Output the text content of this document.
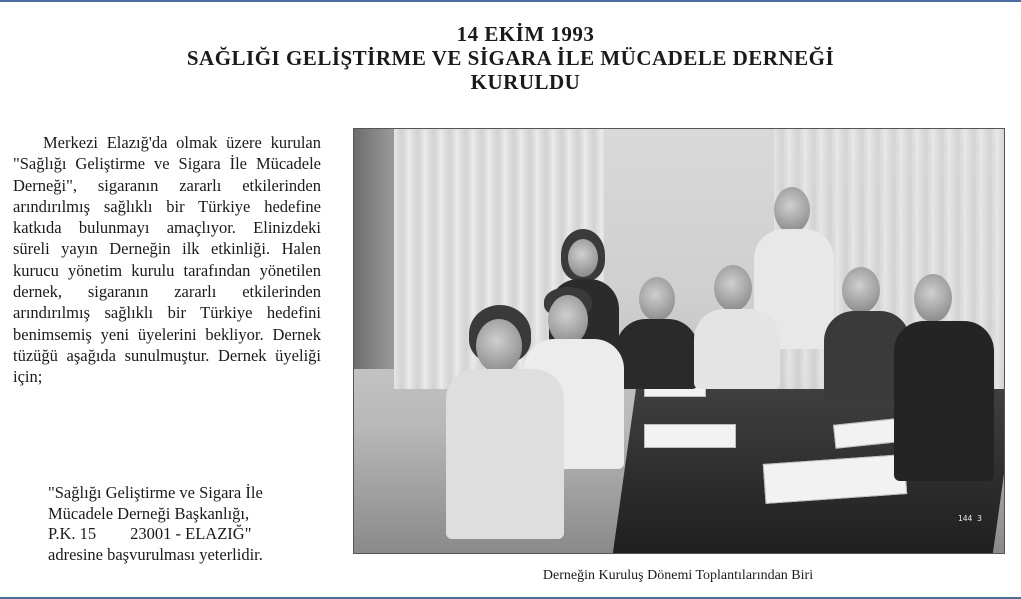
14 EKİM 1993
SAĞLIĞI GELİŞTİRME VE SİGARA İLE MÜCADELE DERNEĞİ
KURULDU
Merkezi Elazığ'da olmak üzere kurulan "Sağlığı Geliştirme ve Sigara İle Mücadele Derneği", sigaranın zararlı etkilerinden arındırılmış sağlıklı bir Türkiye hedefine katkıda bulunmayı amaçlıyor. Elinizdeki süreli yayın Derneğin ilk etkinliği. Halen kurucu yönetim kurulu tarafından yönetilen dernek, sigaranın zararlı etkilerinden arındırılmış sağlıklı bir Türkiye hedefini benimsemiş yeni üyelerini bekliyor. Dernek tüzüğü aşağıda sunulmuştur. Dernek üyeliği için;
"Sağlığı Geliştirme ve Sigara İle
Mücadele Derneği Başkanlığı,
P.K. 15 23001 - ELAZIĞ"
adresine başvurulması yeterlidir.
144 3
Derneğin Kuruluş Dönemi Toplantılarından Biri
